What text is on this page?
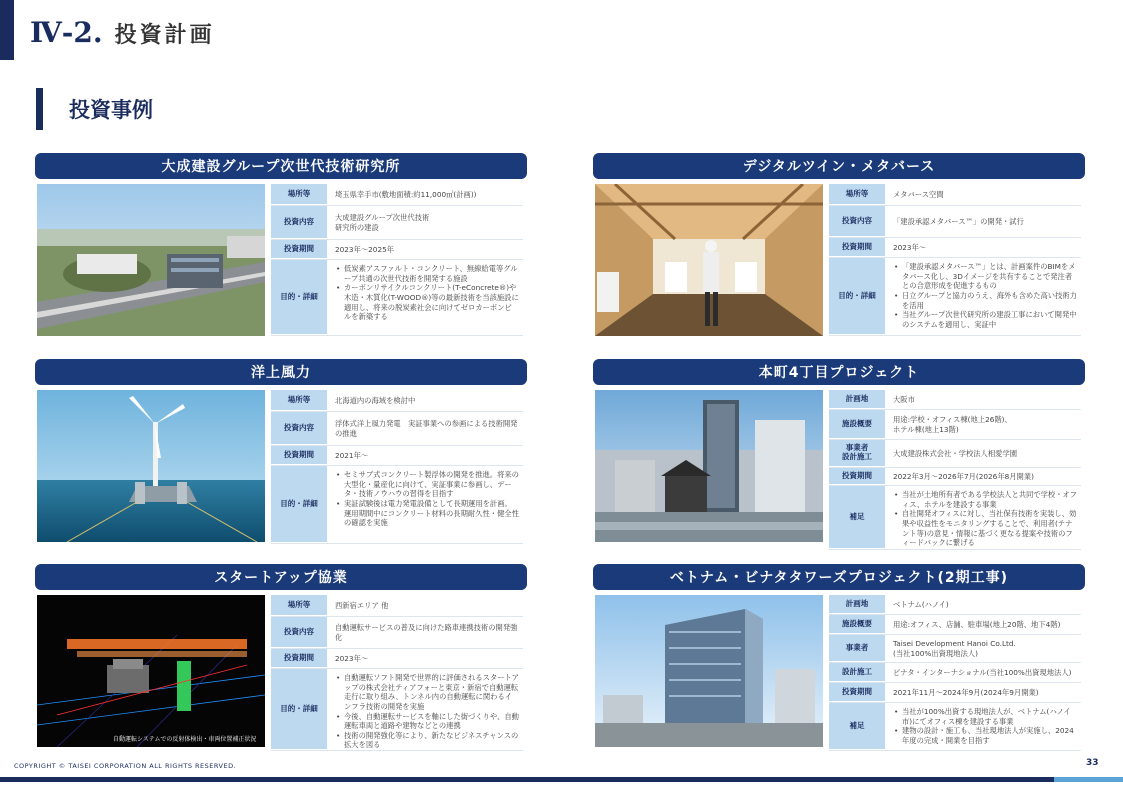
Ⅳ-2. 投資計画
投資事例
大成建設グループ次世代技術研究所
場所等	埼玉県幸手市(敷地面積:約11,000㎡(計画))
投資内容	大成建設グループ次世代技術
研究所の建設
投資期間	2023年～2025年
目的・詳細
• 低炭素アスファルト・コンクリート、無線給電等グループ共通の次世代技術を開発する施設
• カーボンリサイクルコンクリート(T-eConcrete®)や木造・木質化(T-WOOD®)等の最新技術を当該施設に適用し、将来の脱炭素社会に向けてゼロカーボンビルを新築する
デジタルツイン・メタバース
場所等	メタバース空間
投資内容	「建設承認メタバース™」の開発・試行
投資期間	2023年～
目的・詳細
• 「建設承認メタバース™」とは、計画案件のBIMをメタバース化し、3Dイメージを共有することで発注者との合意形成を促進するもの
• 日立グループと協力のうえ、海外も含めた高い技術力を活用
• 当社グループ次世代研究所の建設工事において開発中のシステムを適用し、実証中
洋上風力
場所等	北海道内の海域を検討中
投資内容	浮体式洋上風力発電　実証事業への参画による技術開発の推進
投資期間	2021年～
目的・詳細
• セミサブ式コンクリート製浮体の開発を推進。将来の大型化・量産化に向けて、実証事業に参画し、データ・技術ノウハウの習得を目指す
• 実証試験後は電力発電設備として長期運用を計画。運用期間中にコンクリート材料の長期耐久性・健全性の確認を実施
本町4丁目プロジェクト
計画地	大阪市
施設概要	用途:学校・オフィス棟(地上26階)、
ホテル棟(地上13階)
事業者
設計施工	大成建設株式会社・学校法人相愛学園
投資期間	2022年3月～2026年7月(2026年8月開業)
補足
• 当社が土地所有者である学校法人と共同で学校・オフィス、ホテルを建設する事業
• 自社開発オフィスに対し、当社保有技術を実装し、効果や収益性をモニタリングすることで、利用者(テナント等)の意見・情報に基づく更なる提案や技術のフィードバックに繋げる
スタートアップ協業
自動運転システムでの反射体検出・車両位置補正状況
場所等	西新宿エリア 他
投資内容	自動運転サービスの普及に向けた路車連携技術の開発強化
投資期間	2023年～
目的・詳細
• 自動運転ソフト開発で世界的に評価されるスタートアップの株式会社ティアフォーと東京・新宿で自動運転走行に取り組み、トンネル内の自動運転に関わるインフラ技術の開発を実施
• 今後、自動運転サービスを軸にした街づくりや、自動運転車両と道路や建物などとの連携
• 技術の開発強化等により、新たなビジネスチャンスの拡大を図る
ベトナム・ビナタタワーズプロジェクト(2期工事)
計画地	ベトナム(ハノイ)
施設概要	用途:オフィス、店舗、駐車場(地上20階、地下4階)
事業者	Taisei Development Hanoi Co.Ltd.
(当社100%出資現地法人)
設計施工	ビナタ・インターナショナル(当社100%出資現地法人)
投資期間	2021年11月～2024年9月(2024年9月開業)
補足
• 当社が100%出資する現地法人が、ベトナム(ハノイ市)にてオフィス棟を建設する事業
• 建物の設計・施工も、当社現地法人が実施し、2024年度の完成・開業を目指す
COPYRIGHT © TAISEI CORPORATION ALL RIGHTS RESERVED.	33
